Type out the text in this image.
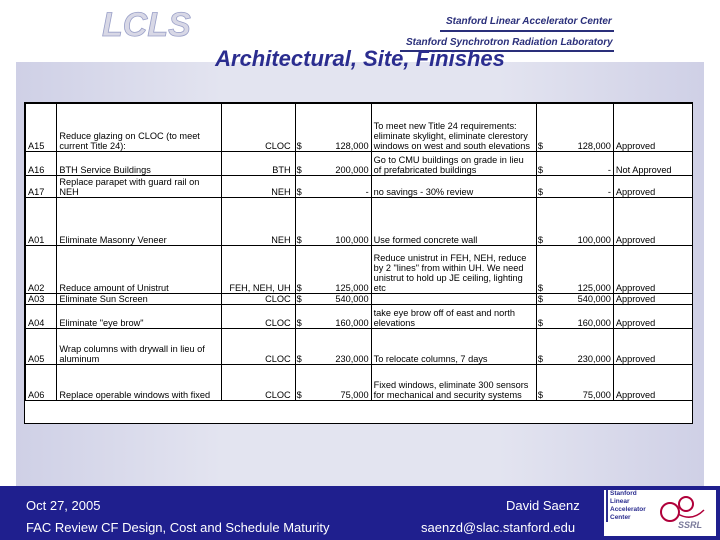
LCLS	Stanford Linear Accelerator Center
Stanford Synchrotron Radiation Laboratory
Architectural, Site, Finishes
A15	Reduce glazing on CLOC (to meet current Title 24):	CLOC	$	128,000	To meet new Title 24 requirements: eliminate skylight, eliminate clerestory windows on west and south elevations	$	128,000	Approved
A16	BTH Service Buildings	BTH	$	200,000	Go to CMU buildings on grade in lieu of prefabricated buildings	$	-	Not Approved
A17	Replace parapet with guard rail on NEH	NEH	$	-	no savings - 30% review	$	-	Approved
A01	Eliminate Masonry Veneer	NEH	$	100,000	Use formed concrete wall	$	100,000	Approved
A02	Reduce amount of Unistrut	FEH, NEH, UH	$	125,000	Reduce unistrut in FEH, NEH, reduce by 2 "lines" from within UH. We need unistrut to hold up JE ceiling, lighting etc	$	125,000	Approved
A03	Eliminate Sun Screen	CLOC	$	540,000		$	540,000	Approved
A04	Eliminate "eye brow"	CLOC	$	160,000	take eye brow off of east and north elevations	$	160,000	Approved
A05	Wrap columns with drywall in lieu of aluminum	CLOC	$	230,000	To relocate columns, 7 days	$	230,000	Approved
A06	Replace operable windows with fixed	CLOC	$	75,000	Fixed windows, eliminate 300 sensors for mechanical and security systems	$	75,000	Approved
Oct 27, 2005
FAC Review CF Design, Cost and Schedule Maturity
David Saenz
saenzd@slac.stanford.edu
Stanford
Linear
Accelerator
Center
SSRL
